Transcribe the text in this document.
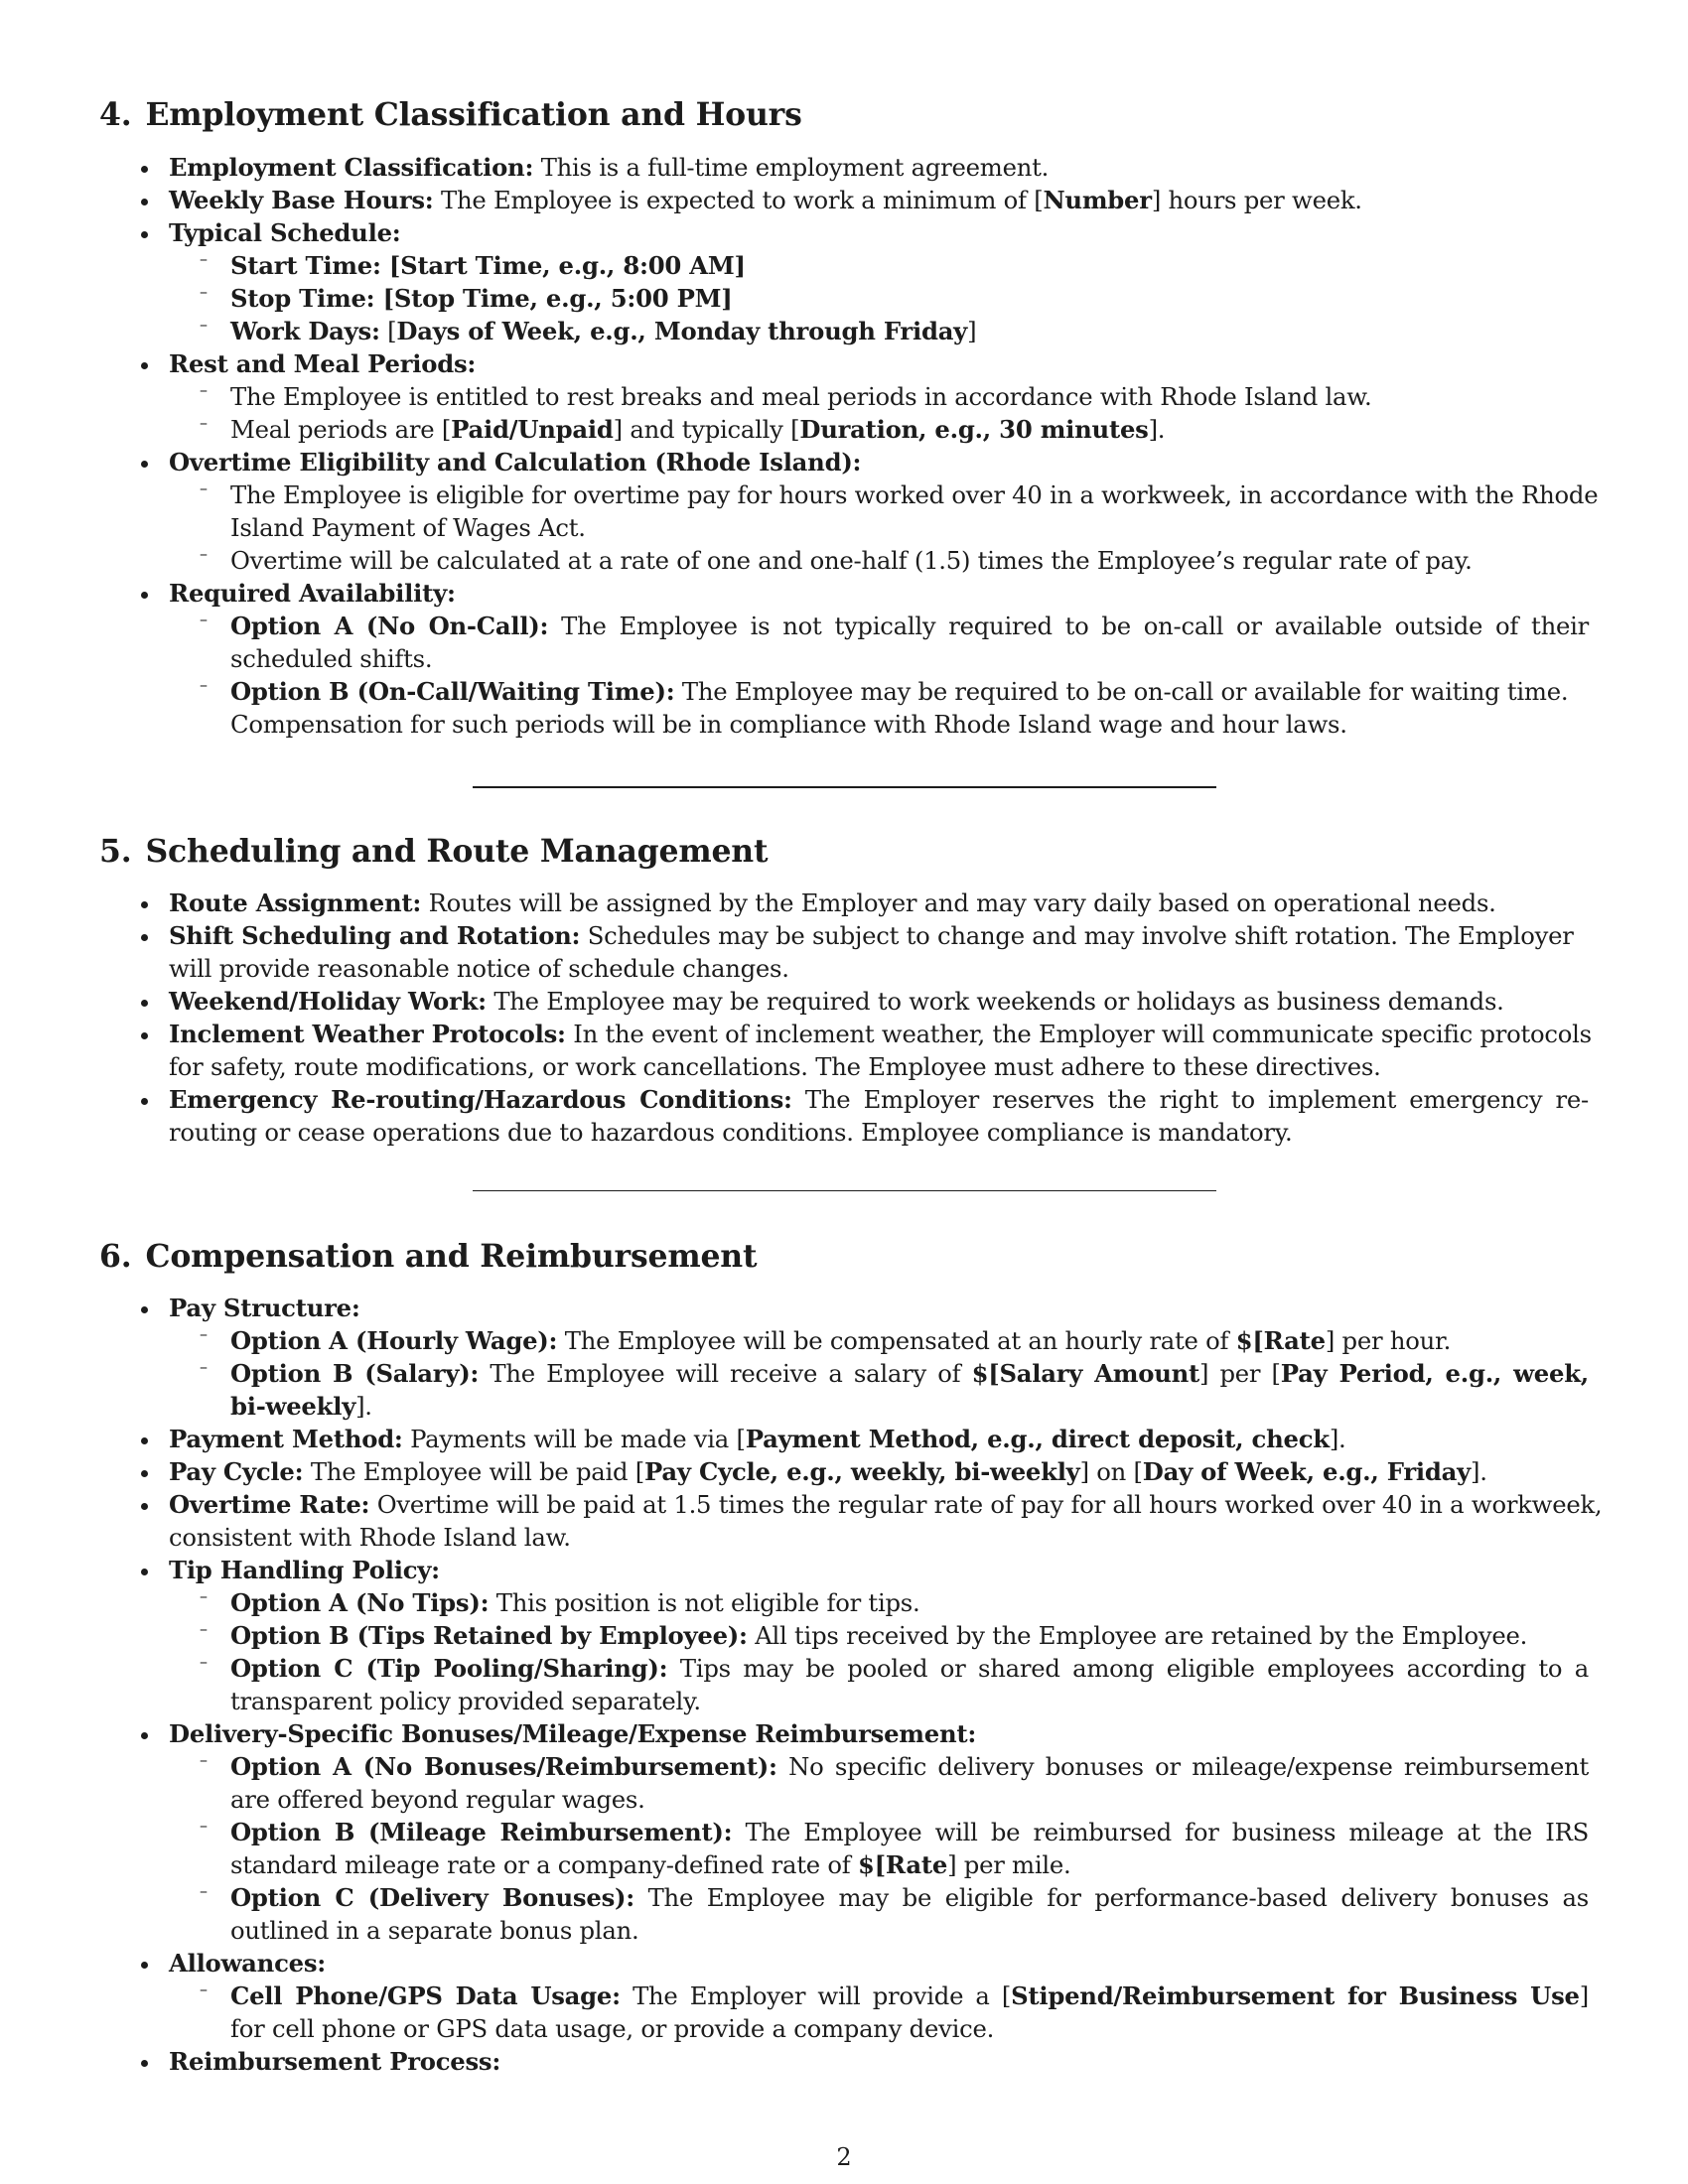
4. Employment Classification and Hours
Employment Classification: This is a full-time employment agreement.
Weekly Base Hours: The Employee is expected to work a minimum of [Number] hours per week.
Typical Schedule:
– Start Time: [Start Time, e.g., 8:00 AM]
– Stop Time: [Stop Time, e.g., 5:00 PM]
– Work Days: [Days of Week, e.g., Monday through Friday]
Rest and Meal Periods:
– The Employee is entitled to rest breaks and meal periods in accordance with Rhode Island law.
– Meal periods are [Paid/Unpaid] and typically [Duration, e.g., 30 minutes].
Overtime Eligibility and Calculation (Rhode Island):
– The Employee is eligible for overtime pay for hours worked over 40 in a workweek, in accordance with the Rhode
Island Payment of Wages Act.
– Overtime will be calculated at a rate of one and one-half (1.5) times the Employee’s regular rate of pay.
Required Availability:
– Option A (No On-Call): The Employee is not typically required to be on-call or available outside of their
scheduled shifts.
– Option B (On-Call/Waiting Time): The Employee may be required to be on-call or available for waiting time.
Compensation for such periods will be in compliance with Rhode Island wage and hour laws.
5. Scheduling and Route Management
Route Assignment: Routes will be assigned by the Employer and may vary daily based on operational needs.
Shift Scheduling and Rotation: Schedules may be subject to change and may involve shift rotation. The Employer
will provide reasonable notice of schedule changes.
Weekend/Holiday Work: The Employee may be required to work weekends or holidays as business demands.
Inclement Weather Protocols: In the event of inclement weather, the Employer will communicate specific protocols
for safety, route modifications, or work cancellations. The Employee must adhere to these directives.
Emergency Re-routing/Hazardous Conditions: The Employer reserves the right to implement emergency re-
routing or cease operations due to hazardous conditions. Employee compliance is mandatory.
6. Compensation and Reimbursement
Pay Structure:
– Option A (Hourly Wage): The Employee will be compensated at an hourly rate of $[Rate] per hour.
– Option B (Salary): The Employee will receive a salary of $[Salary Amount] per [Pay Period, e.g., week,
bi-weekly].
Payment Method: Payments will be made via [Payment Method, e.g., direct deposit, check].
Pay Cycle: The Employee will be paid [Pay Cycle, e.g., weekly, bi-weekly] on [Day of Week, e.g., Friday].
Overtime Rate: Overtime will be paid at 1.5 times the regular rate of pay for all hours worked over 40 in a workweek,
consistent with Rhode Island law.
Tip Handling Policy:
– Option A (No Tips): This position is not eligible for tips.
– Option B (Tips Retained by Employee): All tips received by the Employee are retained by the Employee.
– Option C (Tip Pooling/Sharing): Tips may be pooled or shared among eligible employees according to a
transparent policy provided separately.
Delivery-Specific Bonuses/Mileage/Expense Reimbursement:
– Option A (No Bonuses/Reimbursement): No specific delivery bonuses or mileage/expense reimbursement
are offered beyond regular wages.
– Option B (Mileage Reimbursement): The Employee will be reimbursed for business mileage at the IRS
standard mileage rate or a company-defined rate of $[Rate] per mile.
– Option C (Delivery Bonuses): The Employee may be eligible for performance-based delivery bonuses as
outlined in a separate bonus plan.
Allowances:
– Cell Phone/GPS Data Usage: The Employer will provide a [Stipend/Reimbursement for Business Use]
for cell phone or GPS data usage, or provide a company device.
Reimbursement Process:
2
